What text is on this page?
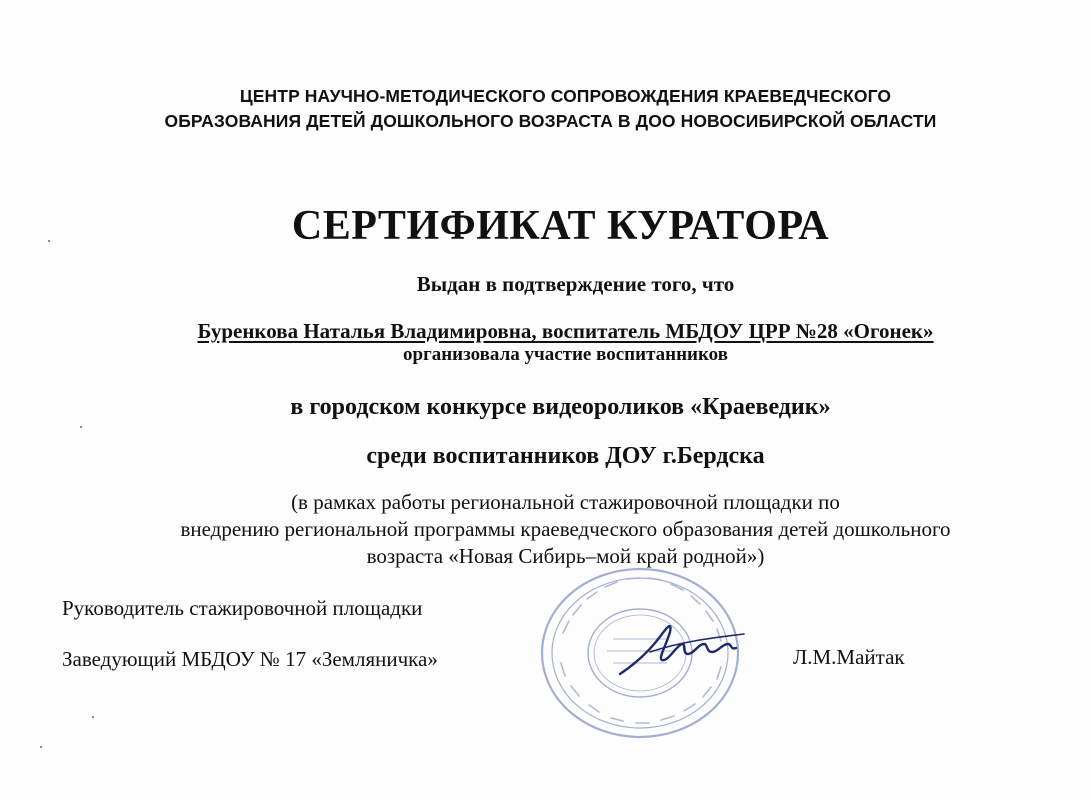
ЦЕНТР НАУЧНО-МЕТОДИЧЕСКОГО СОПРОВОЖДЕНИЯ КРАЕВЕДЧЕСКОГО
ОБРАЗОВАНИЯ ДЕТЕЙ ДОШКОЛЬНОГО ВОЗРАСТА В ДОО НОВОСИБИРСКОЙ ОБЛАСТИ
СЕРТИФИКАТ КУРАТОРА
Выдан в подтверждение того, что
Буренкова Наталья Владимировна, воспитатель МБДОУ ЦРР №28 «Огонек»
организовала участие воспитанников
в городском конкурсе видеороликов «Краеведик»
среди воспитанников ДОУ г.Бердска
(в рамках работы региональной стажировочной площадки по
внедрению региональной программы краеведческого образования детей дошкольного
возраста «Новая Сибирь–мой край родной»)
Руководитель стажировочной площадки
Заведующий МБДОУ № 17 «Земляничка»	Л.М.Майтак
